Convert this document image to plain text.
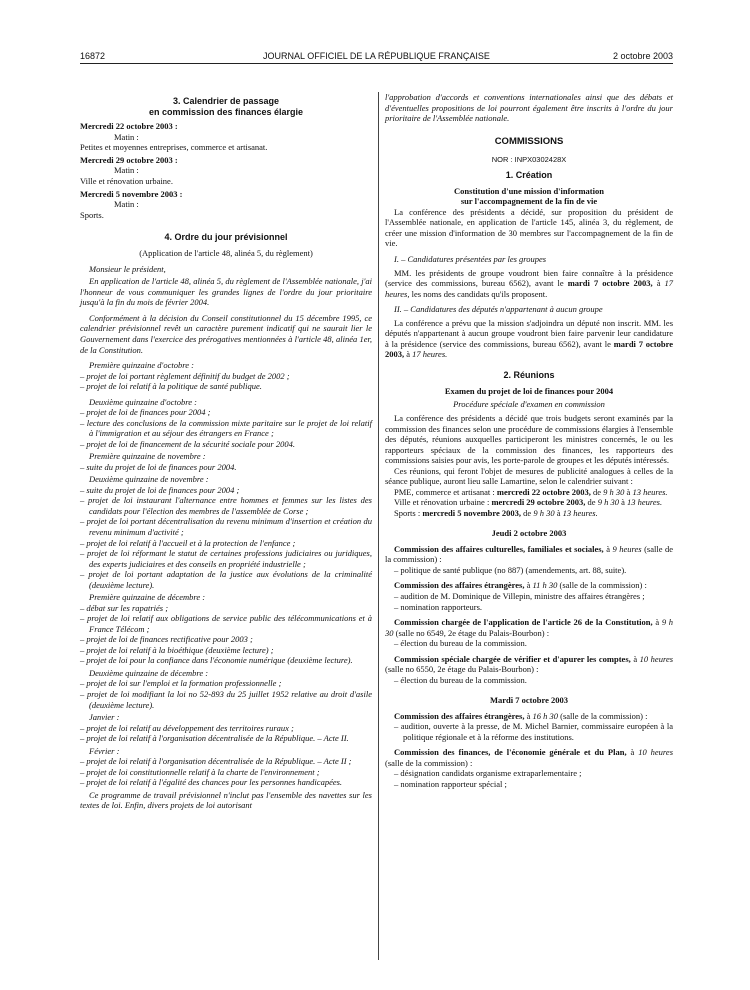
16872	JOURNAL OFFICIEL DE LA RÉPUBLIQUE FRANÇAISE	2 octobre 2003

3. Calendrier de passage
en commission des finances élargie

Mercredi 22 octobre 2003 :

Matin :

Petites et moyennes entreprises, commerce et artisanat.

Mercredi 29 octobre 2003 :

Matin :

Ville et rénovation urbaine.

Mercredi 5 novembre 2003 :

Matin :

Sports.

4. Ordre du jour prévisionnel

(Application de l'article 48, alinéa 5, du règlement)

Monsieur le président,

En application de l'article 48, alinéa 5, du règlement de l'Assemblée nationale, j'ai l'honneur de vous communiquer les grandes lignes de l'ordre du jour prioritaire jusqu'à la fin du mois de février 2004.

Conformément à la décision du Conseil constitutionnel du 15 décembre 1995, ce calendrier prévisionnel revêt un caractère purement indicatif qui ne saurait lier le Gouvernement dans l'exercice des prérogatives mentionnées à l'article 48, alinéa 1er, de la Constitution.

Première quinzaine d'octobre :

– projet de loi portant règlement définitif du budget de 2002 ;

– projet de loi relatif à la politique de santé publique.

Deuxième quinzaine d'octobre :

– projet de loi de finances pour 2004 ;

– lecture des conclusions de la commission mixte paritaire sur le projet de loi relatif à l'immigration et au séjour des étrangers en France ;

– projet de loi de financement de la sécurité sociale pour 2004.

Première quinzaine de novembre :

– suite du projet de loi de finances pour 2004.

Deuxième quinzaine de novembre :

– suite du projet de loi de finances pour 2004 ;

– projet de loi instaurant l'alternance entre hommes et femmes sur les listes des candidats pour l'élection des membres de l'assemblée de Corse ;

– projet de loi portant décentralisation du revenu minimum d'insertion et création du revenu minimum d'activité ;

– projet de loi relatif à l'accueil et à la protection de l'enfance ;

– projet de loi réformant le statut de certaines professions judiciaires ou juridiques, des experts judiciaires et des conseils en propriété industrielle ;

– projet de loi portant adaptation de la justice aux évolutions de la criminalité (deuxième lecture).

Première quinzaine de décembre :

– débat sur les rapatriés ;

– projet de loi relatif aux obligations de service public des télécommunications et à France Télécom ;

– projet de loi de finances rectificative pour 2003 ;

– projet de loi relatif à la bioéthique (deuxième lecture) ;

– projet de loi pour la confiance dans l'économie numérique (deuxième lecture).

Deuxième quinzaine de décembre :

– projet de loi sur l'emploi et la formation professionnelle ;

– projet de loi modifiant la loi no 52-893 du 25 juillet 1952 relative au droit d'asile (deuxième lecture).

Janvier :

– projet de loi relatif au développement des territoires ruraux ;

– projet de loi relatif à l'organisation décentralisée de la République. – Acte II.

Février :

– projet de loi relatif à l'organisation décentralisée de la République. – Acte II ;

– projet de loi constitutionnelle relatif à la charte de l'environnement ;

– projet de loi relatif à l'égalité des chances pour les personnes handicapées.

Ce programme de travail prévisionnel n'inclut pas l'ensemble des navettes sur les textes de loi. Enfin, divers projets de loi autorisant

l'approbation d'accords et conventions internationales ainsi que des débats et d'éventuelles propositions de loi pourront également être inscrits à l'ordre du jour prioritaire de l'Assemblée nationale.

COMMISSIONS

NOR : INPX0302428X

1. Création

Constitution d'une mission d'information
sur l'accompagnement de la fin de vie

La conférence des présidents a décidé, sur proposition du président de l'Assemblée nationale, en application de l'article 145, alinéa 3, du règlement, de créer une mission d'information de 30 membres sur l'accompagnement de la fin de vie.

I. – Candidatures présentées par les groupes

MM. les présidents de groupe voudront bien faire connaître à la présidence (service des commissions, bureau 6562), avant le mardi 7 octobre 2003, à 17 heures, les noms des candidats qu'ils proposent.

II. – Candidatures des députés n'appartenant à aucun groupe

La conférence a prévu que la mission s'adjoindra un député non inscrit. MM. les députés n'appartenant à aucun groupe voudront bien faire parvenir leur candidature à la présidence (service des commissions, bureau 6562), avant le mardi 7 octobre 2003, à 17 heures.

2. Réunions

Examen du projet de loi de finances pour 2004

Procédure spéciale d'examen en commission

La conférence des présidents a décidé que trois budgets seront examinés par la commission des finances selon une procédure de commissions élargies à l'ensemble des députés, réunions auxquelles participeront les ministres concernés, le ou les rapporteurs spéciaux de la commission des finances, les rapporteurs des commissions saisies pour avis, les porte-parole de groupes et les députés intéressés.

Ces réunions, qui feront l'objet de mesures de publicité analogues à celles de la séance publique, auront lieu salle Lamartine, selon le calendrier suivant :

PME, commerce et artisanat : mercredi 22 octobre 2003, de 9 h 30 à 13 heures.

Ville et rénovation urbaine : mercredi 29 octobre 2003, de 9 h 30 à 13 heures.

Sports : mercredi 5 novembre 2003, de 9 h 30 à 13 heures.

Jeudi 2 octobre 2003

Commission des affaires culturelles, familiales et sociales, à 9 heures (salle de la commission) :

– politique de santé publique (no 887) (amendements, art. 88, suite).

Commission des affaires étrangères, à 11 h 30 (salle de la commission) :

– audition de M. Dominique de Villepin, ministre des affaires étrangères ;

– nomination rapporteurs.

Commission chargée de l'application de l'article 26 de la Constitution, à 9 h 30 (salle no 6549, 2e étage du Palais-Bourbon) :

– élection du bureau de la commission.

Commission spéciale chargée de vérifier et d'apurer les comptes, à 10 heures (salle no 6550, 2e étage du Palais-Bourbon) :

– élection du bureau de la commission.

Mardi 7 octobre 2003

Commission des affaires étrangères, à 16 h 30 (salle de la commission) :

– audition, ouverte à la presse, de M. Michel Barnier, commissaire européen à la politique régionale et à la réforme des institutions.

Commission des finances, de l'économie générale et du Plan, à 10 heures (salle de la commission) :

– désignation candidats organisme extraparlementaire ;

– nomination rapporteur spécial ;
